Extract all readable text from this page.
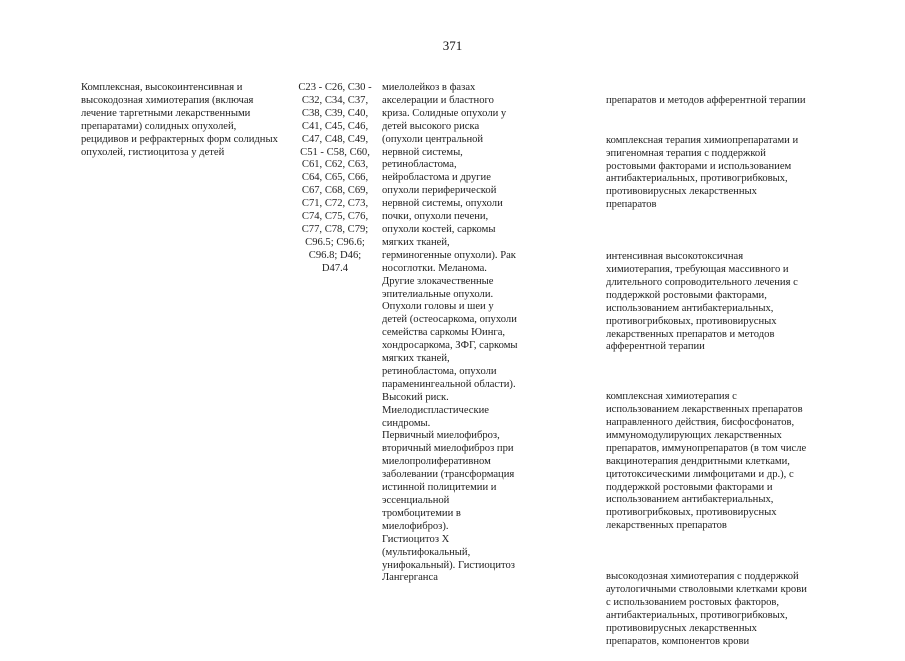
371
Комплексная, высокоинтенсивная и
высокодозная химиотерапия (включая
лечение таргетными лекарственными
препаратами) солидных опухолей,
рецидивов и рефрактерных форм солидных
опухолей, гистиоцитоза у детей
С23 - С26, С30 -
С32, С34, С37,
С38, С39, С40,
С41, С45, С46,
С47, С48, С49,
С51 - С58, С60,
С61, С62, С63,
С64, С65, С66,
С67, С68, С69,
С71, С72, С73,
С74, С75, С76,
С77, С78, С79;
С96.5; С96.6;
С96.8; D46;
D47.4
миелолейкоз в фазах
акселерации и бластного
криза. Солидные опухоли у
детей высокого риска
(опухоли центральной
нервной системы,
ретинобластома,
нейробластома и другие
опухоли периферической
нервной системы, опухоли
почки, опухоли печени,
опухоли костей, саркомы
мягких тканей,
герминогенные опухоли). Рак
носоглотки. Меланома.
Другие злокачественные
эпителиальные опухоли.
Опухоли головы и шеи у
детей (остеосаркома, опухоли
семейства саркомы Юинга,
хондросаркома, ЗФГ, саркомы
мягких тканей,
ретинобластома, опухоли
параменингеальной области).
Высокий риск.
Миелодиспластические
синдромы.
Первичный миелофиброз,
вторичный миелофиброз при
миелопролиферативном
заболевании (трансформация
истинной полицитемии и
эссенциальной
тромбоцитемии в
миелофиброз).
Гистиоцитоз Х
(мультифокальный,
унифокальный). Гистиоцитоз
Лангерганса

препаратов и методов афферентной терапии

комплексная терапия химиопрепаратами и
эпигеномная терапия с поддержкой
ростовыми факторами и использованием
антибактериальных, противогрибковых,
противовирусных лекарственных
препаратов

интенсивная высокотоксичная
химиотерапия, требующая массивного и
длительного сопроводительного лечения с
поддержкой ростовыми факторами,
использованием антибактериальных,
противогрибковых, противовирусных
лекарственных препаратов и методов
афферентной терапии

комплексная химиотерапия с
использованием лекарственных препаратов
направленного действия, бисфосфонатов,
иммуномодулирующих лекарственных
препаратов, иммунопрепаратов (в том числе
вакцинотерапия дендритными клетками,
цитотоксическими лимфоцитами и др.), с
поддержкой ростовыми факторами и
использованием антибактериальных,
противогрибковых, противовирусных
лекарственных препаратов

высокодозная химиотерапия с поддержкой
аутологичными стволовыми клетками крови
с использованием ростовых факторов,
антибактериальных, противогрибковых,
противовирусных лекарственных
препаратов, компонентов крови
